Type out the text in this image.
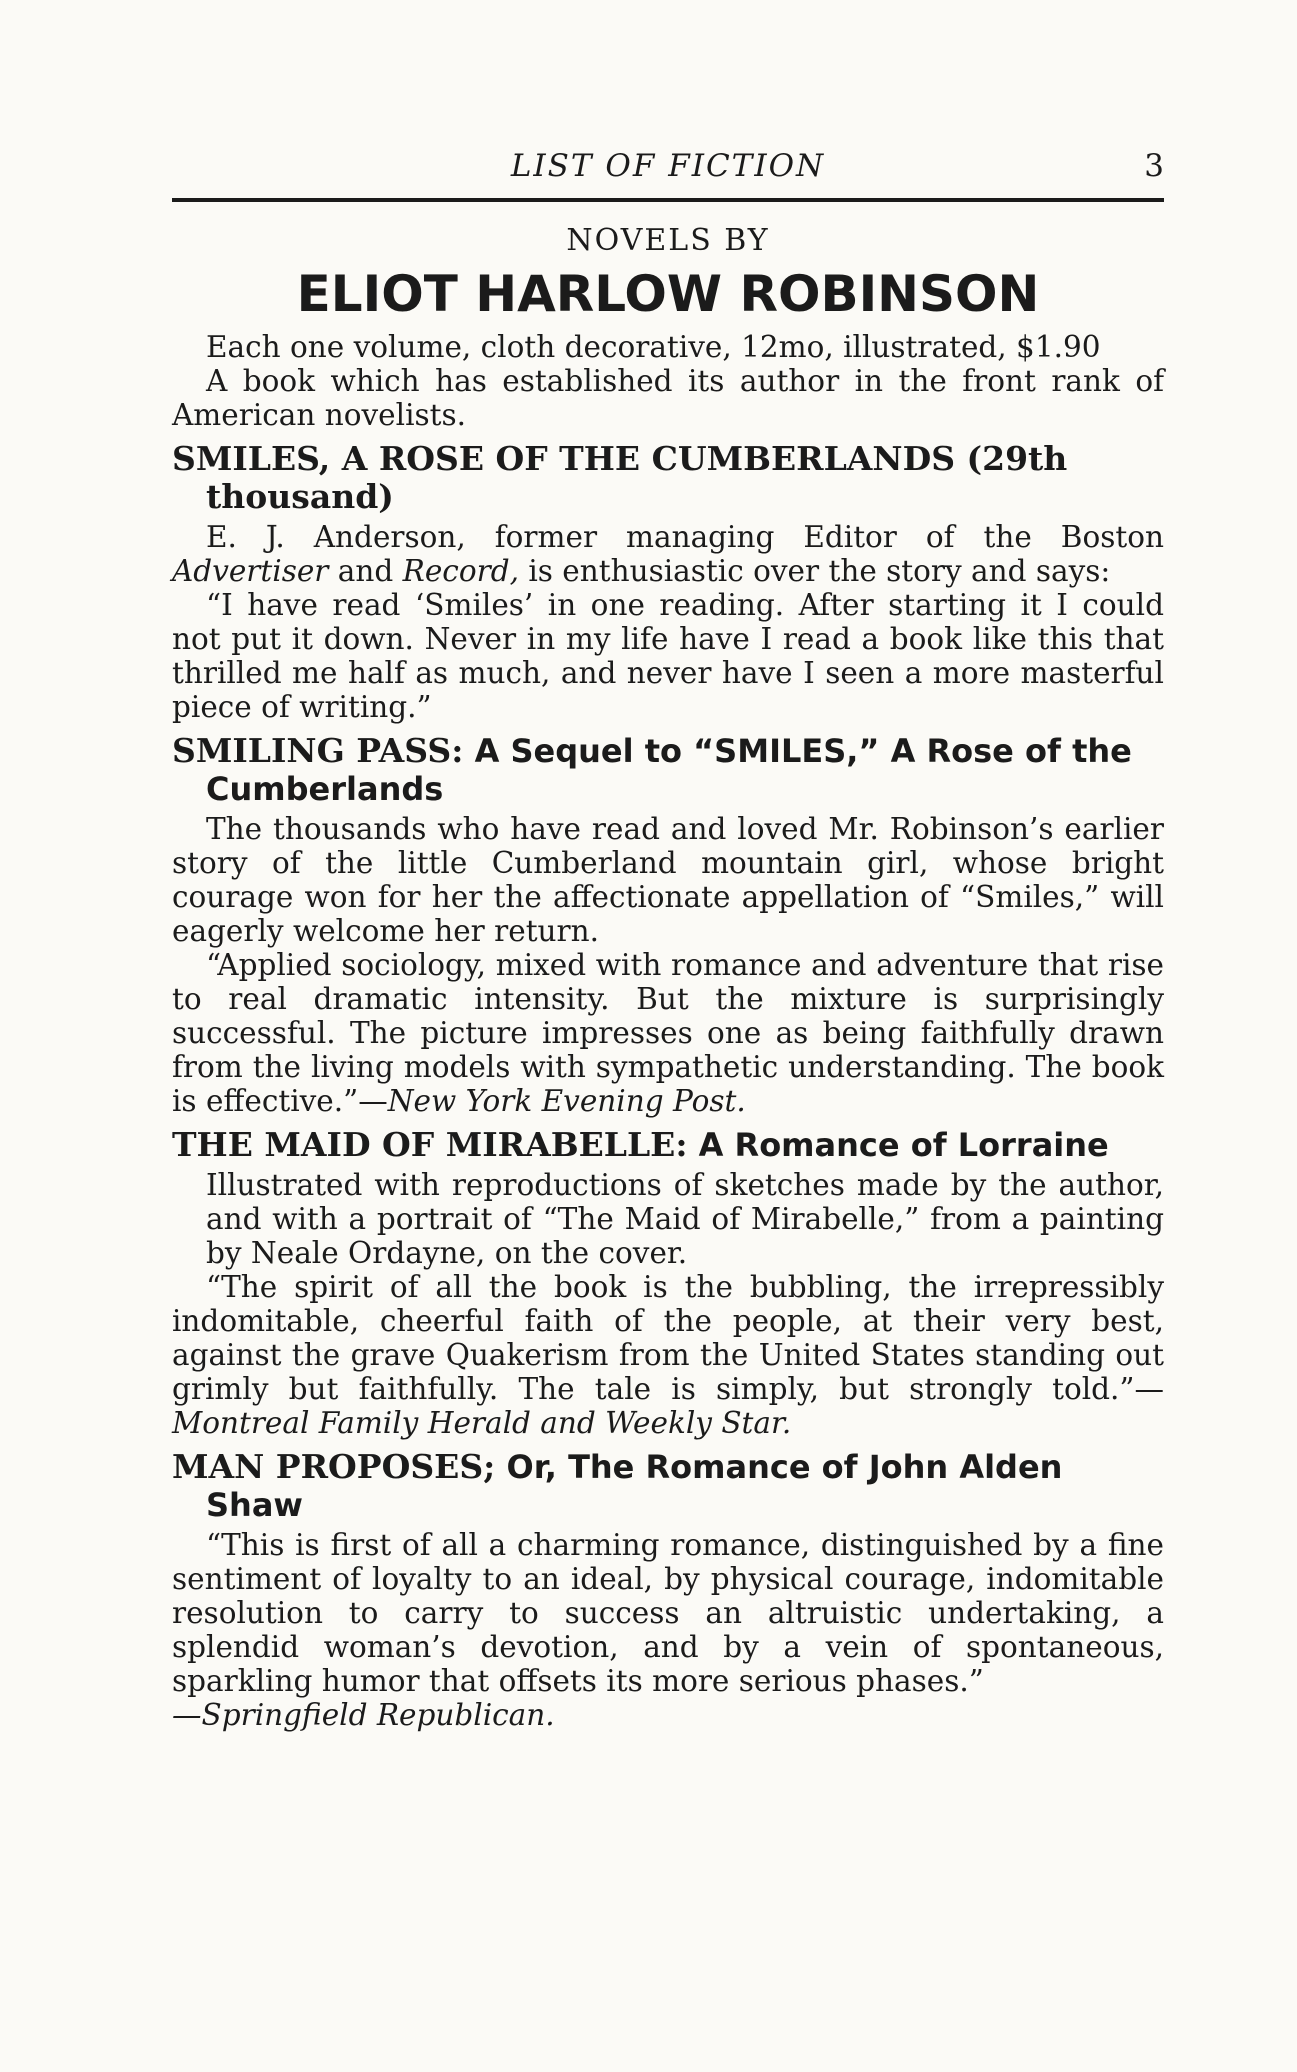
LIST OF FICTION	3
NOVELS BY
ELIOT HARLOW ROBINSON

Each one volume, cloth decorative, 12mo, illustrated, $1.90

A book which has established its author in the front rank of American novelists.

SMILES, A ROSE OF THE CUMBERLANDS (29th thousand)

E. J. Anderson, former managing Editor of the Boston Advertiser and Record, is enthusiastic over the story and says:

“I have read ‘Smiles’ in one reading. After starting it I could not put it down. Never in my life have I read a book like this that thrilled me half as much, and never have I seen a more masterful piece of writing.”

SMILING PASS: A Sequel to “SMILES,” A Rose of the Cumberlands

The thousands who have read and loved Mr. Robinson’s earlier story of the little Cumberland mountain girl, whose bright courage won for her the affectionate appellation of “Smiles,” will eagerly welcome her return.

“Applied sociology, mixed with romance and adventure that rise to real dramatic intensity. But the mixture is surprisingly successful. The picture impresses one as being faithfully drawn from the living models with sympathetic understanding. The book is effective.”—New York Evening Post.

THE MAID OF MIRABELLE: A Romance of Lorraine

Illustrated with reproductions of sketches made by the author, and with a portrait of “The Maid of Mirabelle,” from a painting by Neale Ordayne, on the cover.

“The spirit of all the book is the bubbling, the irrepressibly indomitable, cheerful faith of the people, at their very best, against the grave Quakerism from the United States standing out grimly but faithfully. The tale is simply, but strongly told.”—Montreal Family Herald and Weekly Star.

MAN PROPOSES; Or, The Romance of John Alden Shaw

“This is first of all a charming romance, distinguished by a fine sentiment of loyalty to an ideal, by physical courage, indomitable resolution to carry to success an altruistic undertaking, a splendid woman’s devotion, and by a vein of spontaneous, sparkling humor that offsets its more serious phases.”

—Springfield Republican.
